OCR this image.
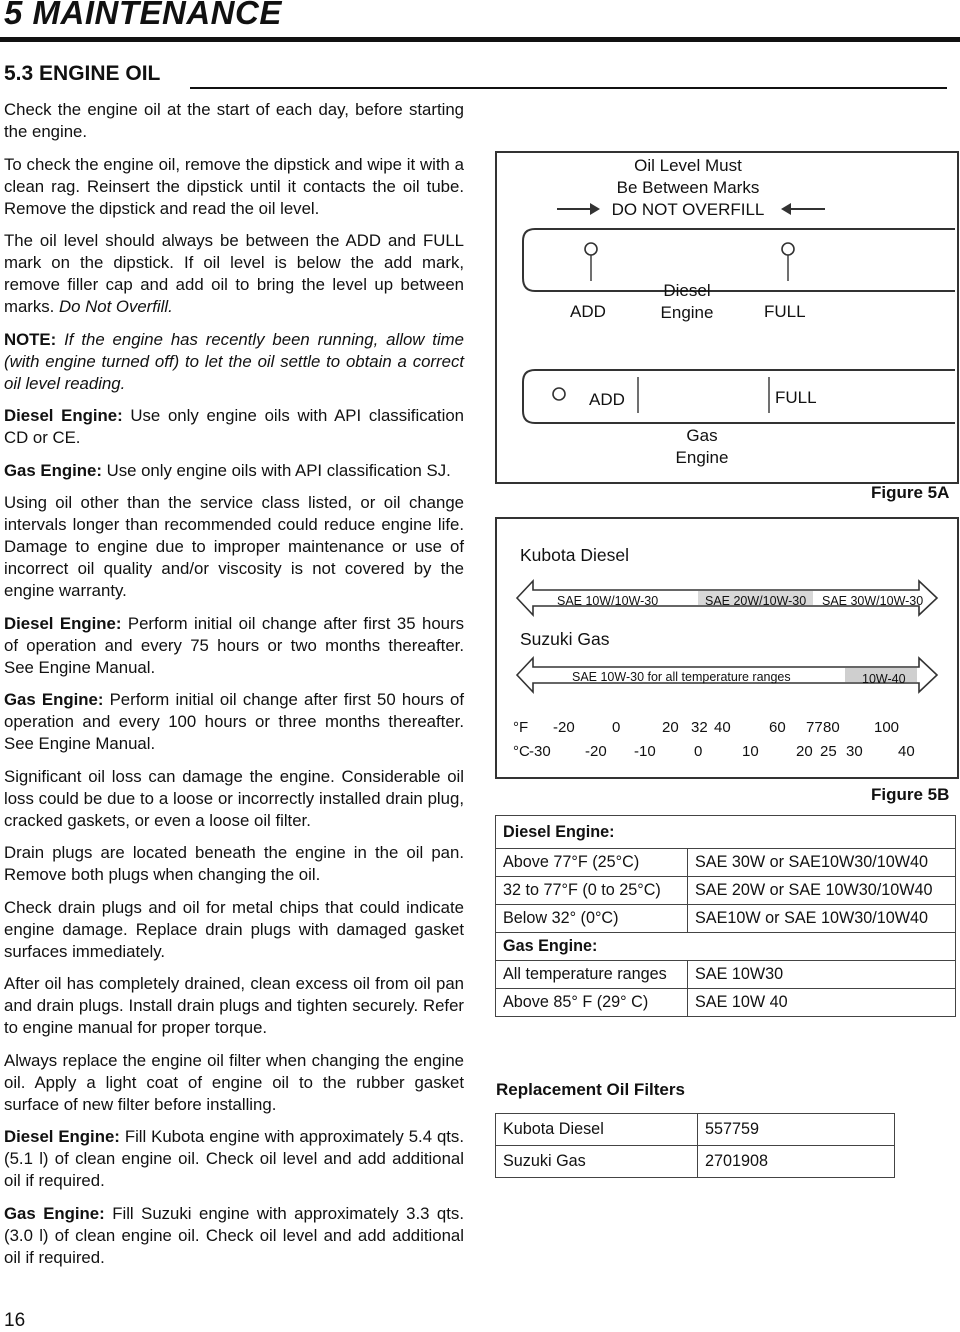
5 MAINTENANCE
5.3 ENGINE OIL

Check the engine oil at the start of each day, before starting the engine.

To check the engine oil, remove the dipstick and wipe it with a clean rag. Reinsert the dipstick until it contacts the oil tube. Remove the dipstick and read the oil level.

The oil level should always be between the ADD and FULL mark on the dipstick. If oil level is below the add mark, remove filler cap and add oil to bring the level up between marks. Do Not Overfill.

NOTE: If the engine has recently been running, allow time (with engine turned off) to let the oil settle to obtain a correct oil level reading.

Diesel Engine: Use only engine oils with API classification CD or CE.

Gas Engine: Use only engine oils with API classification SJ.

Using oil other than the service class listed, or oil change intervals longer than recommended could reduce engine life. Damage to engine due to improper maintenance or use of incorrect oil quality and/or viscosity is not covered by the engine warranty.

Diesel Engine: Perform initial oil change after first 35 hours of operation and every 75 hours or two months thereafter. See Engine Manual.

Gas Engine: Perform initial oil change after first 50 hours of operation and every 100 hours or three months thereafter. See Engine Manual.

Significant oil loss can damage the engine. Considerable oil loss could be due to a loose or incorrectly installed drain plug, cracked gaskets, or even a loose oil filter.

Drain plugs are located beneath the engine in the oil pan. Remove both plugs when changing the oil.

Check drain plugs and oil for metal chips that could indicate engine damage. Replace drain plugs with damaged gasket surfaces immediately.

After oil has completely drained, clean excess oil from oil pan and drain plugs. Install drain plugs and tighten securely. Refer to engine manual for proper torque.

Always replace the engine oil filter when changing the engine oil. Apply a light coat of engine oil to the rubber gasket surface of new filter before installing.

Diesel Engine: Fill Kubota engine with approximately 5.4 qts. (5.1 l) of clean engine oil. Check oil level and add additional oil if required.

Gas Engine: Fill Suzuki engine with approximately 3.3 qts. (3.0 l) of clean engine oil. Check oil level and add additional oil if required.

Oil Level Must
Be Between Marks
DO NOT OVERFILL
ADD
Diesel
Engine	FULL
ADD	FULL
Gas
Engine
Figure 5A
Kubota Diesel
SAE 10W/10W-30	SAE 20W/10W-30 SAE 30W/10W-30
Suzuki Gas
SAE 10W-30 for all temperature ranges	10W-40
°F
°C
-20 0	20 32 40	60 77 80 100
-30 -20 -10	0	10 20 25 30 40
Figure 5B
Diesel Engine:	
Above 77°F (25°C)	SAE 30W or SAE10W30/10W40
32 to 77°F (0 to 25°C)	SAE 20W or SAE 10W30/10W40
Below 32° (0°C)	SAE10W or SAE 10W30/10W40
Gas Engine:	
All temperature ranges	SAE 10W30
Above 85° F (29° C)	SAE 10W 40
Replacement Oil Filters
Kubota Diesel	557759
Suzuki Gas	2701908
16
